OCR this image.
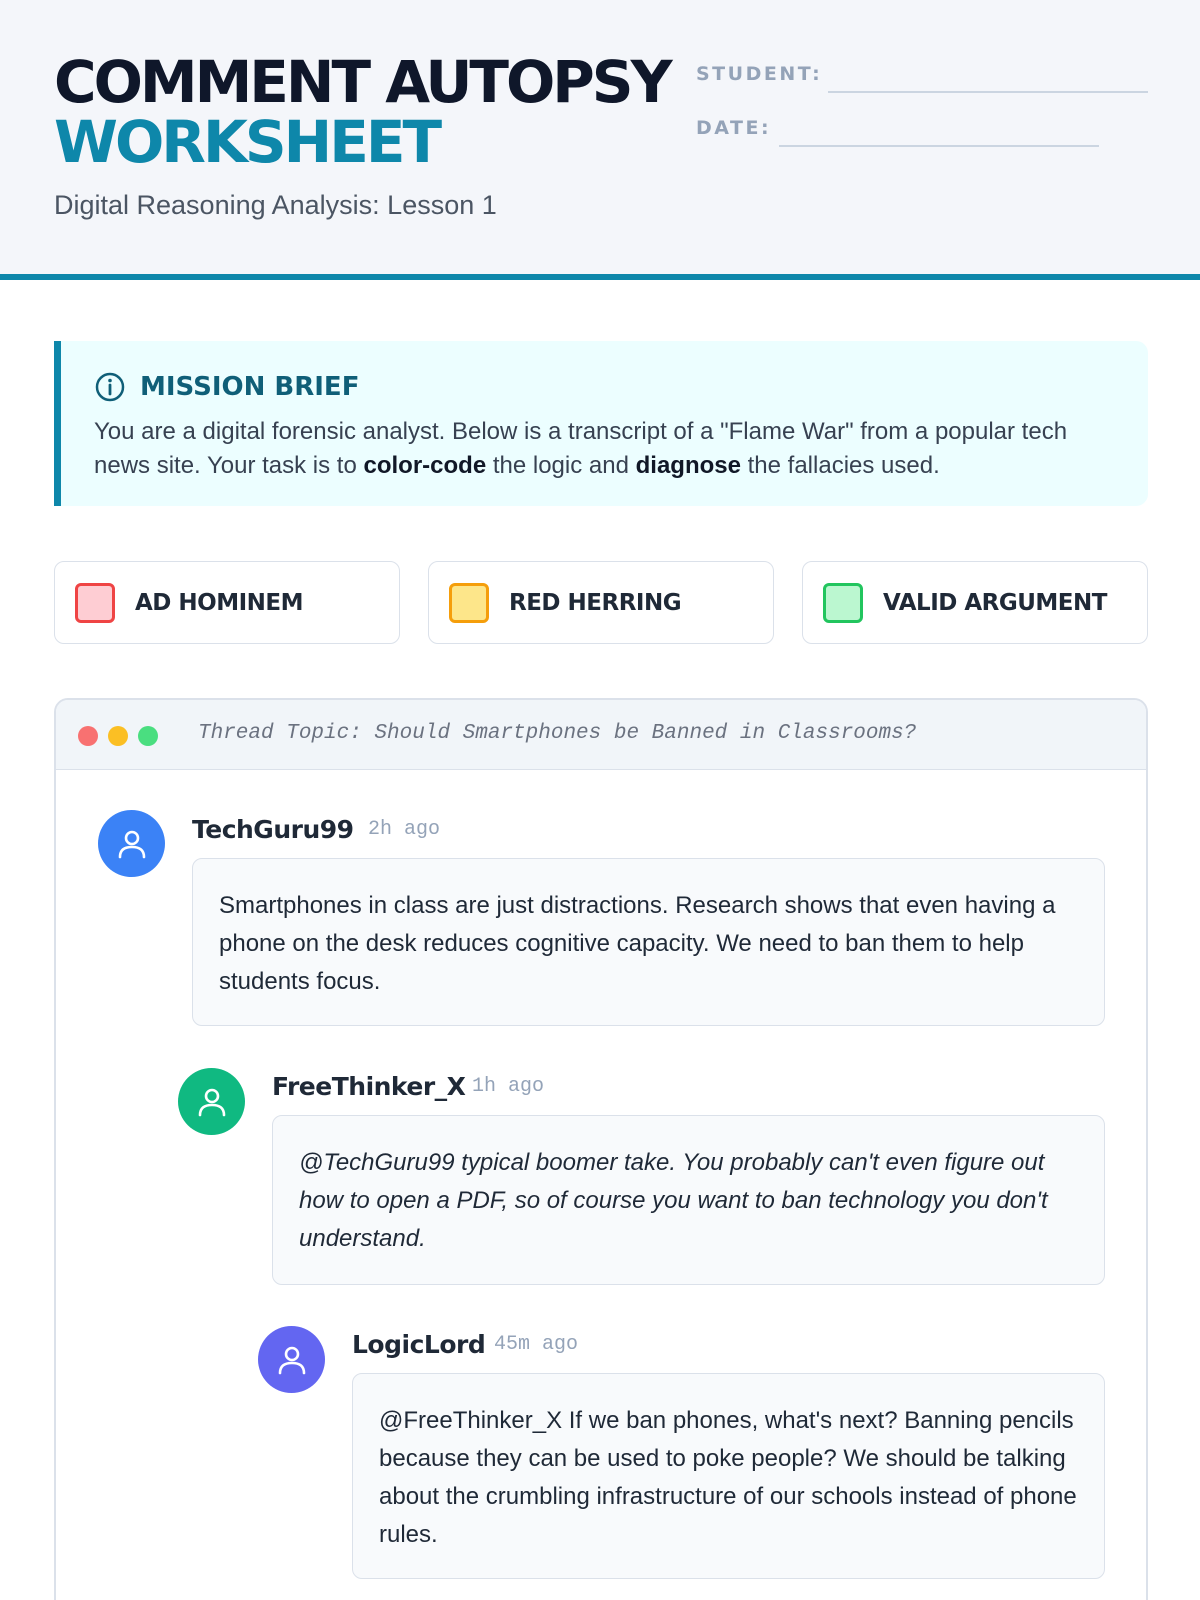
COMMENT AUTOPSY
WORKSHEET
Digital Reasoning Analysis: Lesson 1
STUDENT:
DATE:
MISSION BRIEF
You are a digital forensic analyst. Below is a transcript of a "Flame War" from a popular tech news site. Your task is to color-code the logic and diagnose the fallacies used.
AD HOMINEM	RED HERRING	VALID ARGUMENT
Thread Topic: Should Smartphones be Banned in Classrooms?
TechGuru99 2h ago
Smartphones in class are just distractions. Research shows that even having a phone on the desk reduces cognitive capacity. We need to ban them to help students focus.
FreeThinker_X 1h ago
@TechGuru99 typical boomer take. You probably can't even figure out how to open a PDF, so of course you want to ban technology you don't understand.
LogicLord 45m ago
@FreeThinker_X If we ban phones, what's next? Banning pencils because they can be used to poke people? We should be talking about the crumbling infrastructure of our schools instead of phone rules.
